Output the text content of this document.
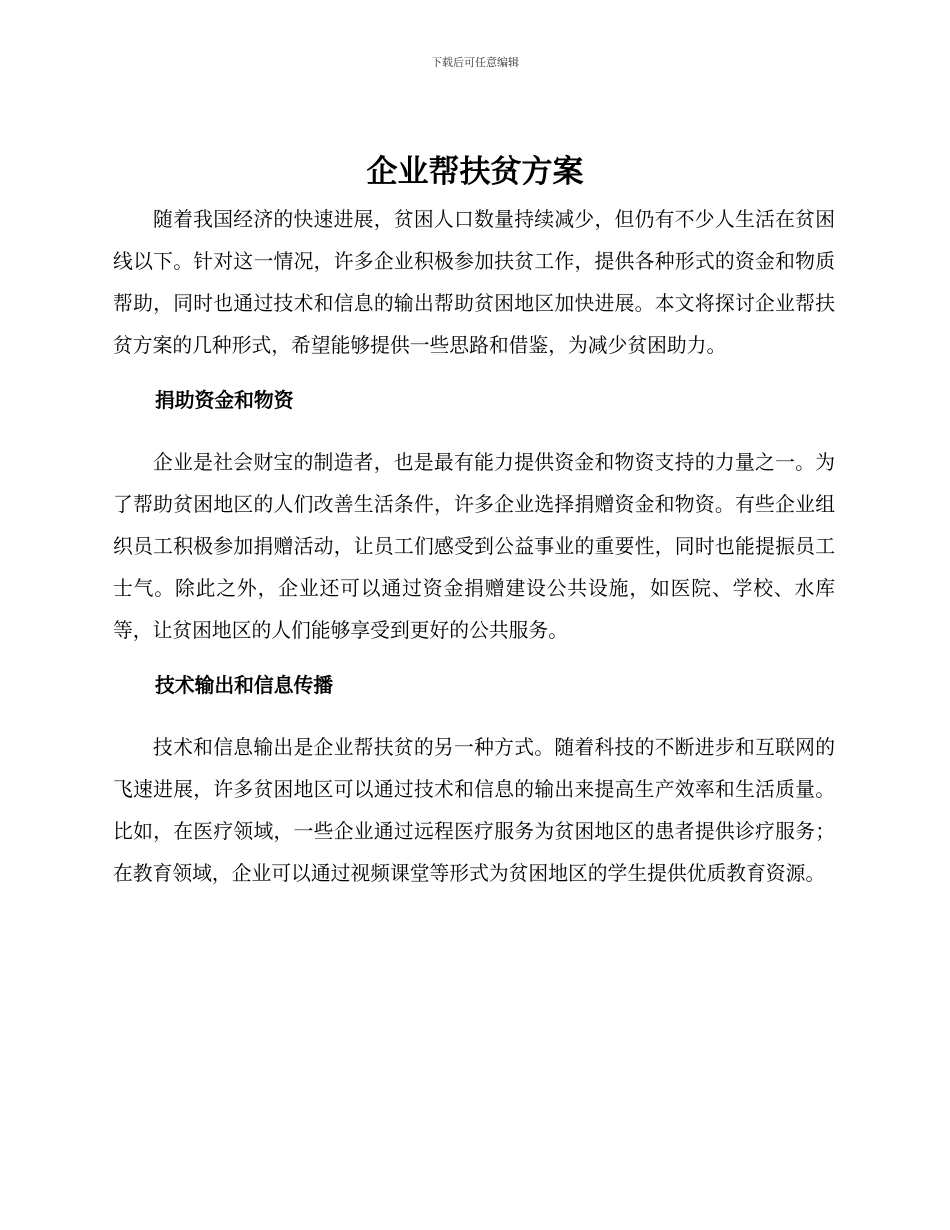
下载后可任意编辑
企业帮扶贫方案

随着我国经济的快速进展，贫困人口数量持续减少，但仍有不少人生活在贫困线以下。针对这一情况，许多企业积极参加扶贫工作，提供各种形式的资金和物质帮助，同时也通过技术和信息的输出帮助贫困地区加快进展。本文将探讨企业帮扶贫方案的几种形式，希望能够提供一些思路和借鉴，为减少贫困助力。

捐助资金和物资

企业是社会财宝的制造者，也是最有能力提供资金和物资支持的力量之一。为了帮助贫困地区的人们改善生活条件，许多企业选择捐赠资金和物资。有些企业组织员工积极参加捐赠活动，让员工们感受到公益事业的重要性，同时也能提振员工士气。除此之外，企业还可以通过资金捐赠建设公共设施，如医院、学校、水库等，让贫困地区的人们能够享受到更好的公共服务。

技术输出和信息传播

技术和信息输出是企业帮扶贫的另一种方式。随着科技的不断进步和互联网的飞速进展，许多贫困地区可以通过技术和信息的输出来提高生产效率和生活质量。比如，在医疗领域，一些企业通过远程医疗服务为贫困地区的患者提供诊疗服务；在教育领域，企业可以通过视频课堂等形式为贫困地区的学生提供优质教育资源。
